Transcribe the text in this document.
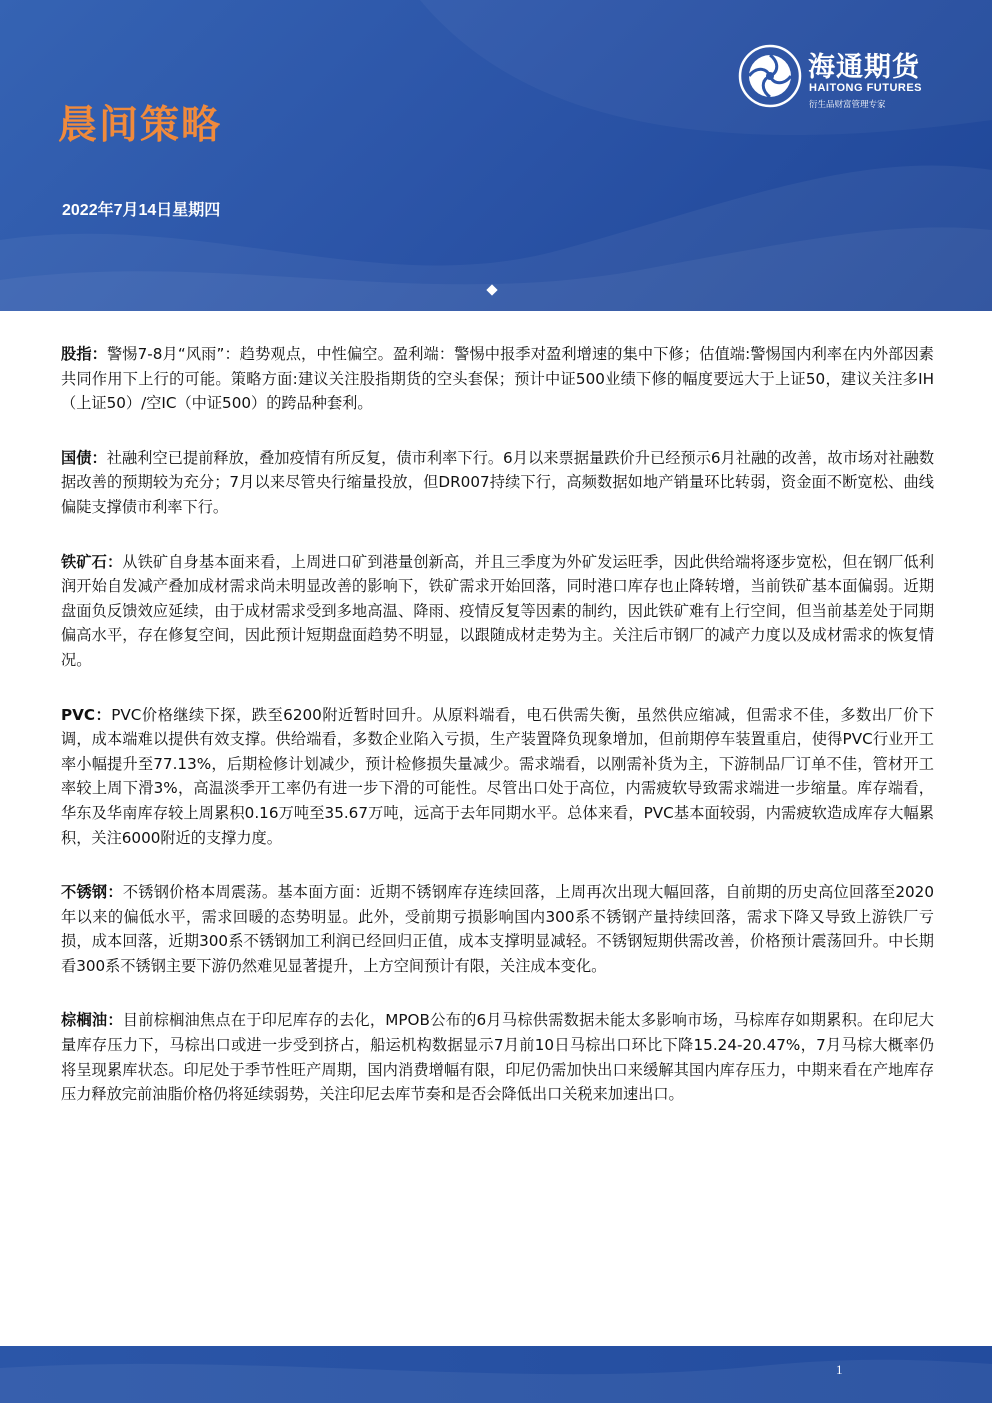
海通期货
HAITONG FUTURES
衍生品财富管理专家
晨间策略
2022年7月14日星期四

股指：警惕7-8月“风雨”：趋势观点，中性偏空。盈利端：警惕中报季对盈利增速的集中下修；估值端:警惕国内利率在内外部因素共同作用下上行的可能。策略方面:建议关注股指期货的空头套保；预计中证500业绩下修的幅度要远大于上证50，建议关注多IH（上证50）/空IC（中证500）的跨品种套利。

国债：社融利空已提前释放，叠加疫情有所反复，债市利率下行。6月以来票据量跌价升已经预示6月社融的改善，故市场对社融数据改善的预期较为充分；7月以来尽管央行缩量投放，但DR007持续下行，高频数据如地产销量环比转弱，资金面不断宽松、曲线偏陡支撑债市利率下行。

铁矿石：从铁矿自身基本面来看，上周进口矿到港量创新高，并且三季度为外矿发运旺季，因此供给端将逐步宽松，但在钢厂低利润开始自发减产叠加成材需求尚未明显改善的影响下，铁矿需求开始回落，同时港口库存也止降转增，当前铁矿基本面偏弱。近期盘面负反馈效应延续，由于成材需求受到多地高温、降雨、疫情反复等因素的制约，因此铁矿难有上行空间，但当前基差处于同期偏高水平，存在修复空间，因此预计短期盘面趋势不明显，以跟随成材走势为主。关注后市钢厂的减产力度以及成材需求的恢复情况。

PVC：PVC价格继续下探，跌至6200附近暂时回升。从原料端看，电石供需失衡，虽然供应缩减，但需求不佳，多数出厂价下调，成本端难以提供有效支撑。供给端看，多数企业陷入亏损，生产装置降负现象增加，但前期停车装置重启，使得PVC行业开工率小幅提升至77.13%，后期检修计划减少，预计检修损失量减少。需求端看，以刚需补货为主，下游制品厂订单不佳，管材开工率较上周下滑3%，高温淡季开工率仍有进一步下滑的可能性。尽管出口处于高位，内需疲软导致需求端进一步缩量。库存端看，华东及华南库存较上周累积0.16万吨至35.67万吨，远高于去年同期水平。总体来看，PVC基本面较弱，内需疲软造成库存大幅累积，关注6000附近的支撑力度。

不锈钢：不锈钢价格本周震荡。基本面方面：近期不锈钢库存连续回落，上周再次出现大幅回落，自前期的历史高位回落至2020年以来的偏低水平，需求回暖的态势明显。此外，受前期亏损影响国内300系不锈钢产量持续回落，需求下降又导致上游铁厂亏损，成本回落，近期300系不锈钢加工利润已经回归正值，成本支撑明显减轻。不锈钢短期供需改善，价格预计震荡回升。中长期看300系不锈钢主要下游仍然难见显著提升，上方空间预计有限，关注成本变化。

棕榈油：目前棕榈油焦点在于印尼库存的去化，MPOB公布的6月马棕供需数据未能太多影响市场，马棕库存如期累积。在印尼大量库存压力下，马棕出口或进一步受到挤占，船运机构数据显示7月前10日马棕出口环比下降15.24-20.47%，7月马棕大概率仍将呈现累库状态。印尼处于季节性旺产周期，国内消费增幅有限，印尼仍需加快出口来缓解其国内库存压力，中期来看在产地库存压力释放完前油脂价格仍将延续弱势，关注印尼去库节奏和是否会降低出口关税来加速出口。

1
